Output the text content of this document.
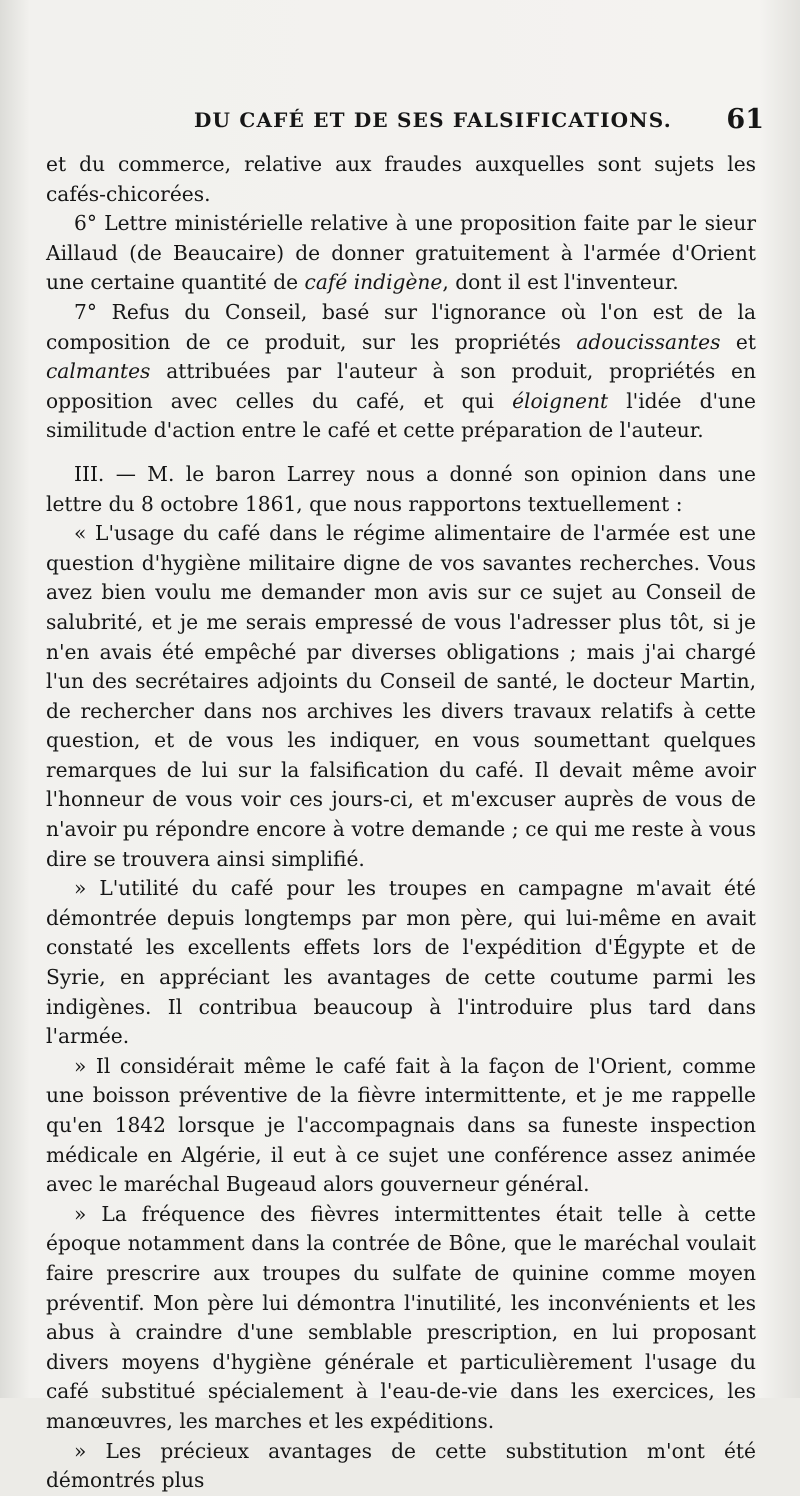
DU CAFÉ ET DE SES FALSIFICATIONS. 61

et du commerce, relative aux fraudes auxquelles sont sujets les cafés-chicorées.

6° Lettre ministérielle relative à une proposition faite par le sieur Aillaud (de Beaucaire) de donner gratuitement à l'armée d'Orient une certaine quantité de café indigène, dont il est l'inventeur.

7° Refus du Conseil, basé sur l'ignorance où l'on est de la composition de ce produit, sur les propriétés adoucissantes et calmantes attribuées par l'auteur à son produit, propriétés en opposition avec celles du café, et qui éloignent l'idée d'une similitude d'action entre le café et cette préparation de l'auteur.

III. — M. le baron Larrey nous a donné son opinion dans une lettre du 8 octobre 1861, que nous rapportons textuellement :

« L'usage du café dans le régime alimentaire de l'armée est une question d'hygiène militaire digne de vos savantes recherches. Vous avez bien voulu me demander mon avis sur ce sujet au Conseil de salubrité, et je me serais empressé de vous l'adresser plus tôt, si je n'en avais été empêché par diverses obligations ; mais j'ai chargé l'un des secrétaires adjoints du Conseil de santé, le docteur Martin, de rechercher dans nos archives les divers travaux relatifs à cette question, et de vous les indiquer, en vous soumettant quelques remarques de lui sur la falsification du café. Il devait même avoir l'honneur de vous voir ces jours-ci, et m'excuser auprès de vous de n'avoir pu répondre encore à votre demande ; ce qui me reste à vous dire se trouvera ainsi simplifié.

» L'utilité du café pour les troupes en campagne m'avait été démontrée depuis longtemps par mon père, qui lui-même en avait constaté les excellents effets lors de l'expédition d'Égypte et de Syrie, en appréciant les avantages de cette coutume parmi les indigènes. Il contribua beaucoup à l'introduire plus tard dans l'armée.

» Il considérait même le café fait à la façon de l'Orient, comme une boisson préventive de la fièvre intermittente, et je me rappelle qu'en 1842 lorsque je l'accompagnais dans sa funeste inspection médicale en Algérie, il eut à ce sujet une conférence assez animée avec le maréchal Bugeaud alors gouverneur général.

» La fréquence des fièvres intermittentes était telle à cette époque notamment dans la contrée de Bône, que le maréchal voulait faire prescrire aux troupes du sulfate de quinine comme moyen préventif. Mon père lui démontra l'inutilité, les inconvénients et les abus à craindre d'une semblable prescription, en lui proposant divers moyens d'hygiène générale et particulièrement l'usage du café substitué spécialement à l'eau-de-vie dans les exercices, les manœuvres, les marches et les expéditions.

» Les précieux avantages de cette substitution m'ont été démontrés plus
